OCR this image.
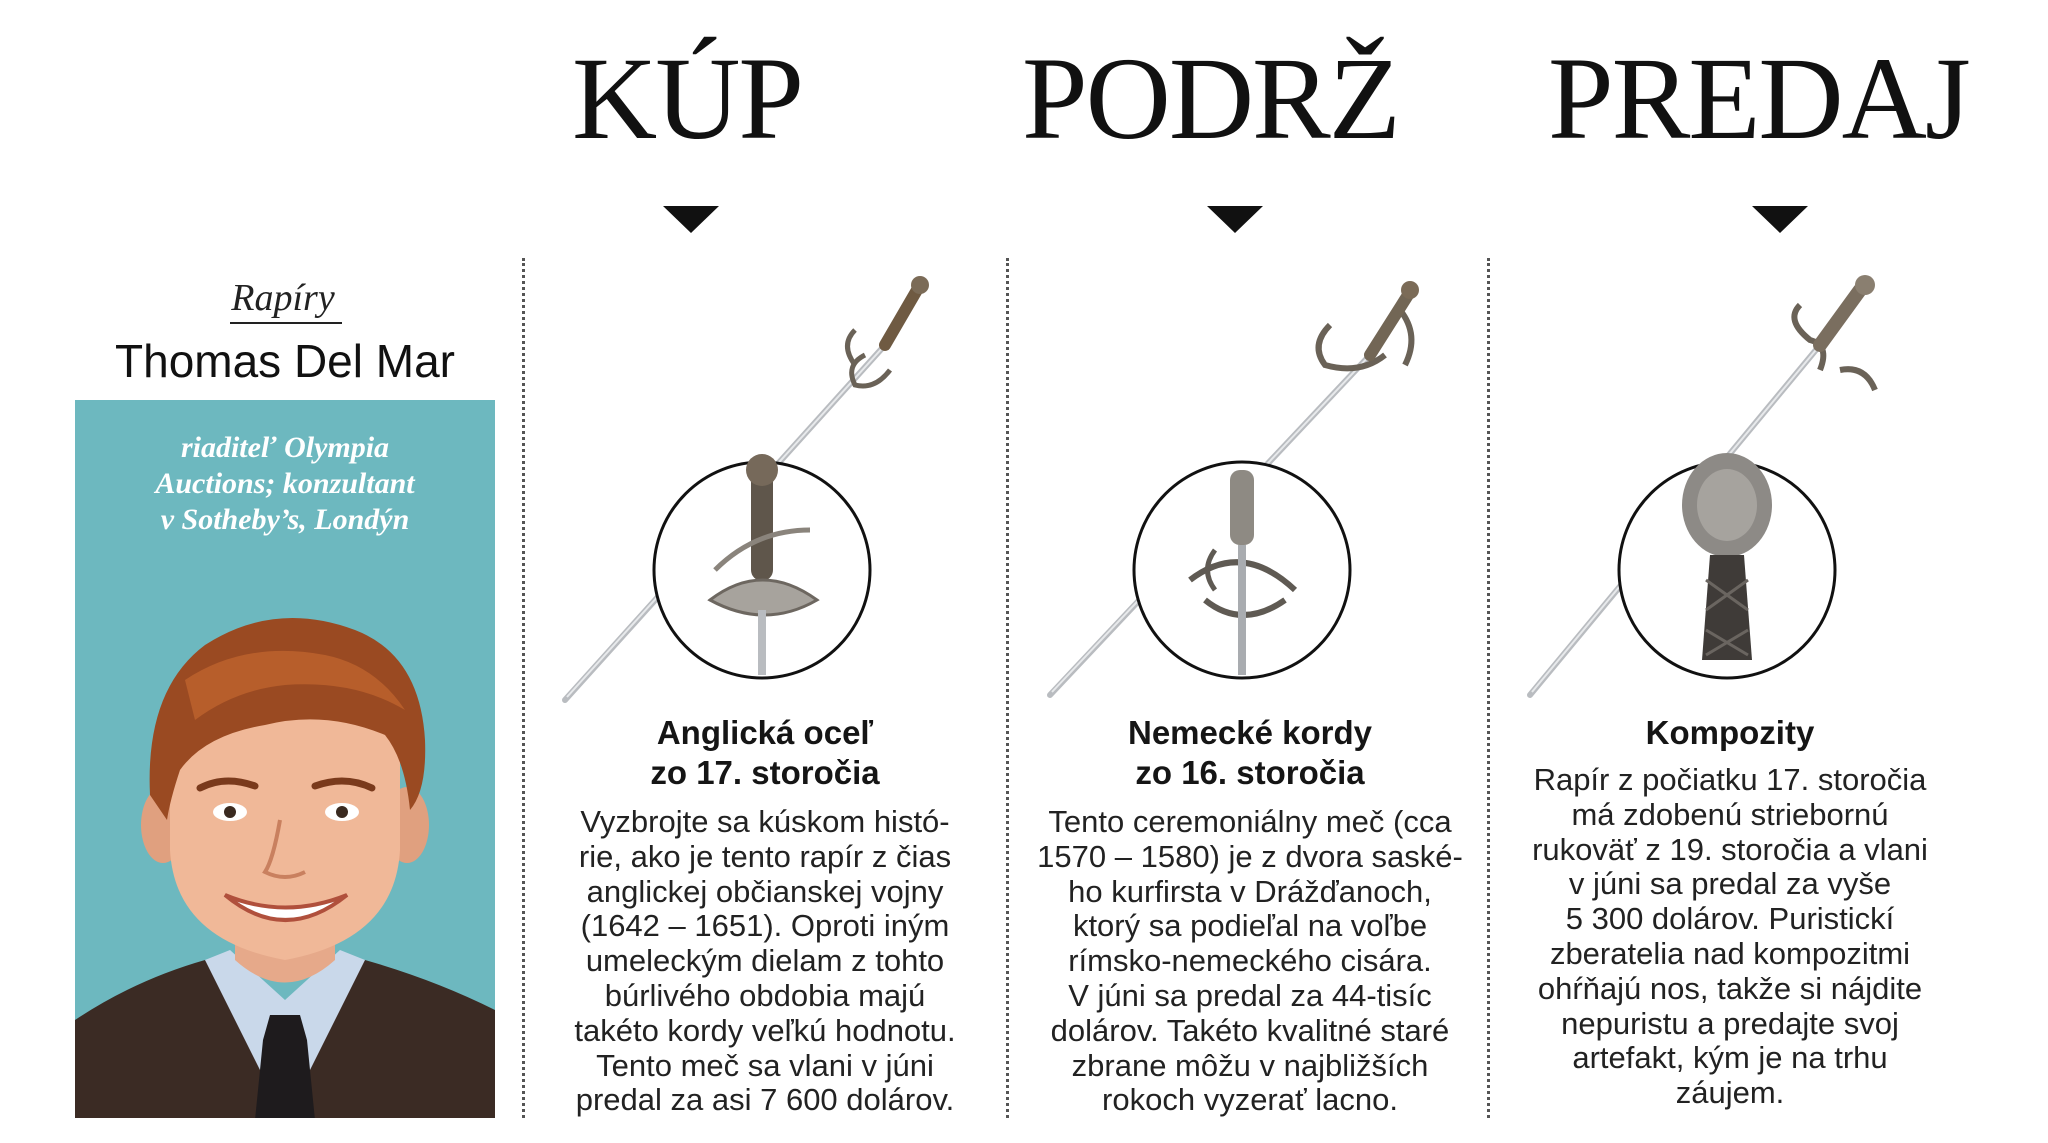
KÚP PODRŽ PREDAJ
Rapíry
Thomas Del Mar
riaditeľ Olympia
Auctions; konzultant
v Sotheby’s, Londýn
Anglická oceľ
zo 17. storočia
Vyzbrojte sa kúskom histó-
rie, ako je tento rapír z čias
anglickej občianskej vojny
(1642 – 1651). Oproti iným
umeleckým dielam z tohto
búrlivého obdobia majú
takéto kordy veľkú hodnotu.
Tento meč sa vlani v júni
predal za asi 7 600 dolárov.
Nemecké kordy
zo 16. storočia
Tento ceremoniálny meč (cca
1570 – 1580) je z dvora saské-
ho kurfirsta v Drážďanoch,
ktorý sa podieľal na voľbe
rímsko-nemeckého cisára.
V júni sa predal za 44-tisíc
dolárov. Takéto kvalitné staré
zbrane môžu v najbližších
rokoch vyzerať lacno.
Kompozity
Rapír z počiatku 17. storočia
má zdobenú striebornú
rukoväť z 19. storočia a vlani
v júni sa predal za vyše
5 300 dolárov. Puristickí
zberatelia nad kompozitmi
ohŕňajú nos, takže si nájdite
nepuristu a predajte svoj
artefakt, kým je na trhu
záujem.
